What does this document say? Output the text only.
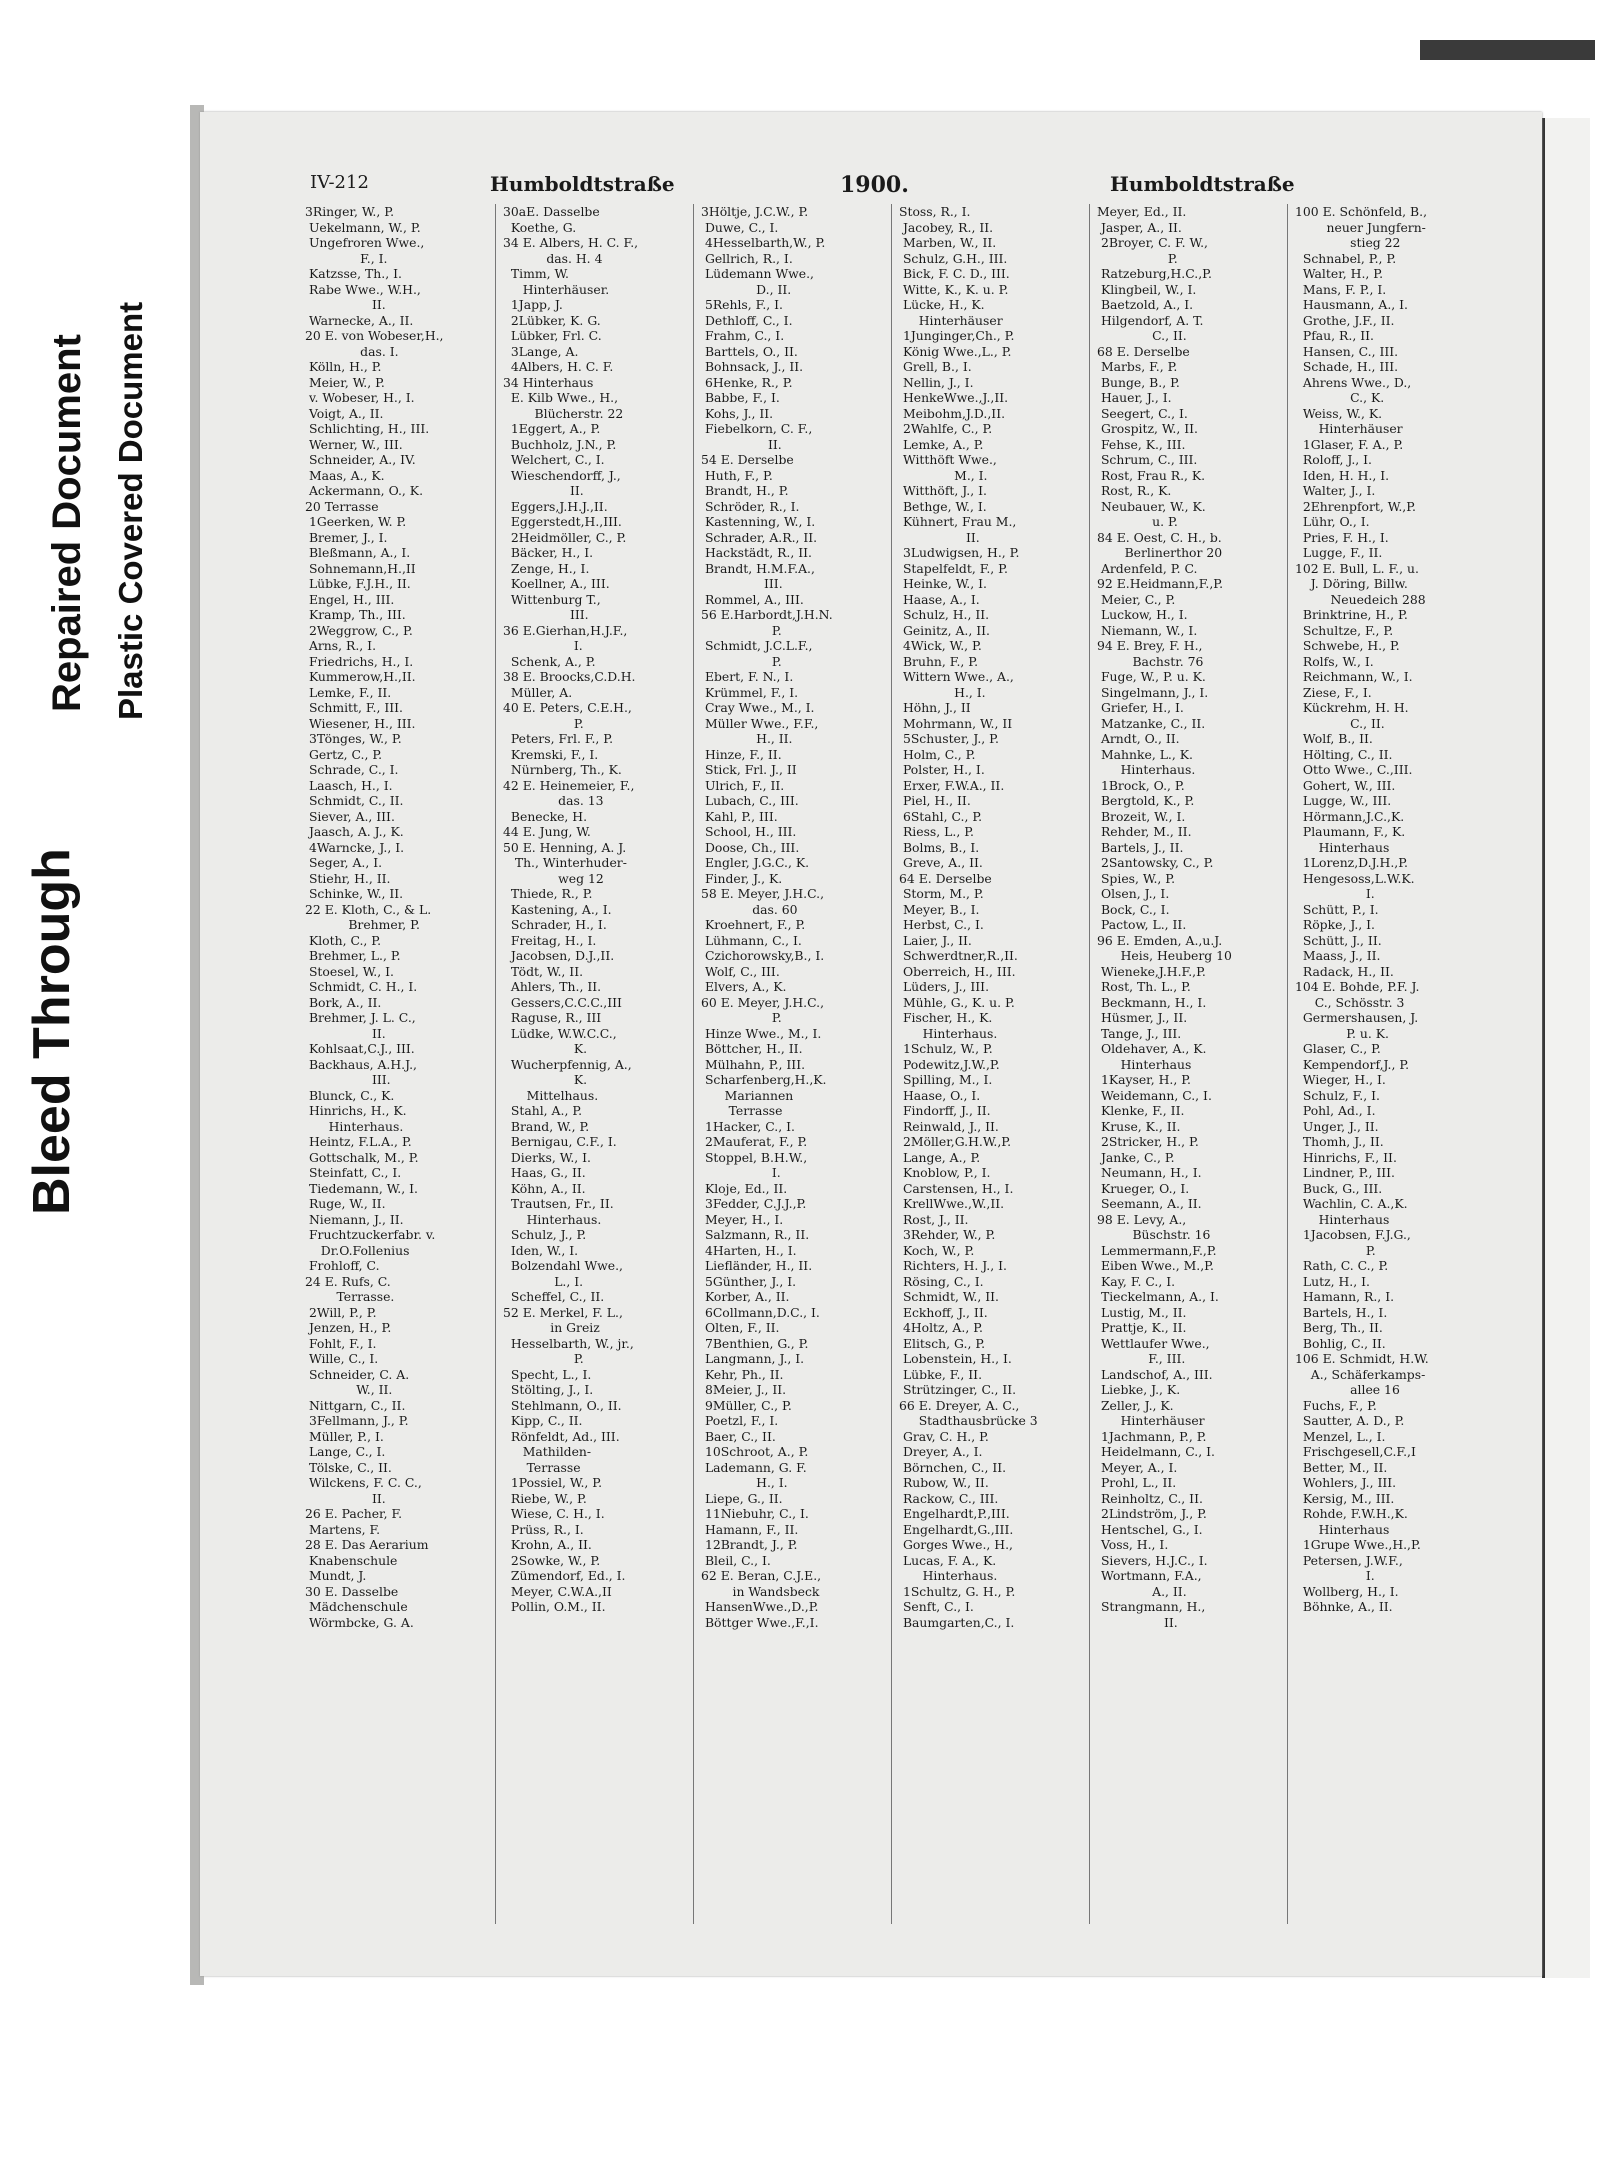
Bleed Through
Repaired Document Plastic Covered Document
IV-212	Humboldtstraße	1900.	Humboldtstraße
3Ringer, W., P.
Uekelmann, W., P.
Ungefroren Wwe.,
F., I.
Katzsse, Th., I.
Rabe Wwe., W.H.,
II.
Warnecke, A., II.
20 E. von Wobeser,H.,
das. I.
Kölln, H., P.
Meier, W., P.
v. Wobeser, H., I.
Voigt, A., II.
Schlichting, H., III.
Werner, W., III.
Schneider, A., IV.
Maas, A., K.
Ackermann, O., K.
20 Terrasse
1Geerken, W. P.
Bremer, J., I.
Bleßmann, A., I.
Sohnemann,H.,II
Lübke, F.J.H., II.
Engel, H., III.
Kramp, Th., III.
2Weggrow, C., P.
Arns, R., I.
Friedrichs, H., I.
Kummerow,H.,II.
Lemke, F., II.
Schmitt, F., III.
Wiesener, H., III.
3Tönges, W., P.
Gertz, C., P.
Schrade, C., I.
Laasch, H., I.
Schmidt, C., II.
Siever, A., III.
Jaasch, A. J., K.
4Warncke, J., I.
Seger, A., I.
Stiehr, H., II.
Schinke, W., II.
22 E. Kloth, C., & L.
Brehmer, P.
Kloth, C., P.
Brehmer, L., P.
Stoesel, W., I.
Schmidt, C. H., I.
Bork, A., II.
Brehmer, J. L. C.,
II.
Kohlsaat,C.J., III.
Backhaus, A.H.J.,
III.
Blunck, C., K.
Hinrichs, H., K.
Hinterhaus.
Heintz, F.L.A., P.
Gottschalk, M., P.
Steinfatt, C., I.
Tiedemann, W., I.
Ruge, W., II.
Niemann, J., II.
Fruchtzuckerfabr. v.
Dr.O.Follenius
Frohloff, C.
24 E. Rufs, C.
Terrasse.
2Will, P., P.
Jenzen, H., P.
Fohlt, F., I.
Wille, C., I.
Schneider, C. A.
W., II.
Nittgarn, C., II.
3Fellmann, J., P.
Müller, P., I.
Lange, C., I.
Tölske, C., II.
Wilckens, F. C. C.,
II.
26 E. Pacher, F.
Martens, F.
28 E. Das Aerarium
Knabenschule
Mundt, J.
30 E. Dasselbe
Mädchenschule
Wörmbcke, G. A.
30aE. Dasselbe
Koethe, G.
34 E. Albers, H. C. F.,
das. H. 4
Timm, W.
Hinterhäuser.
1Japp, J.
2Lübker, K. G.
Lübker, Frl. C.
3Lange, A.
4Albers, H. C. F.
34 Hinterhaus
E. Kilb Wwe., H.,
Blücherstr. 22
1Eggert, A., P.
Buchholz, J.N., P.
Welchert, C., I.
Wieschendorff, J.,
II.
Eggers,J.H.J.,II.
Eggerstedt,H.,III.
2Heidmöller, C., P.
Bäcker, H., I.
Zenge, H., I.
Koellner, A., III.
Wittenburg T.,
III.
36 E.Gierhan,H.J.F.,
I.
Schenk, A., P.
38 E. Broocks,C.D.H.
Müller, A.
40 E. Peters, C.E.H.,
P.
Peters, Frl. F., P.
Kremski, F., I.
Nürnberg, Th., K.
42 E. Heinemeier, F.,
das. 13
Benecke, H.
44 E. Jung, W.
50 E. Henning, A. J.
Th., Winterhuder-
weg 12
Thiede, R., P.
Kastening, A., I.
Schrader, H., I.
Freitag, H., I.
Jacobsen, D.J.,II.
Tödt, W., II.
Ahlers, Th., II.
Gessers,C.C.C.,III
Raguse, R., III
Lüdke, W.W.C.C.,
K.
Wucherpfennig, A.,
K.
Mittelhaus.
Stahl, A., P.
Brand, W., P.
Bernigau, C.F., I.
Dierks, W., I.
Haas, G., II.
Köhn, A., II.
Trautsen, Fr., II.
Hinterhaus.
Schulz, J., P.
Iden, W., I.
Bolzendahl Wwe.,
L., I.
Scheffel, C., II.
52 E. Merkel, F. L.,
in Greiz
Hesselbarth, W., jr.,
P.
Specht, L., I.
Stölting, J., I.
Stehlmann, O., II.
Kipp, C., II.
Rönfeldt, Ad., III.
Mathilden-
Terrasse
1Possiel, W., P.
Riebe, W., P.
Wiese, C. H., I.
Prüss, R., I.
Krohn, A., II.
2Sowke, W., P.
Zümendorf, Ed., I.
Meyer, C.W.A.,II
Pollin, O.M., II.
3Höltje, J.C.W., P.
Duwe, C., I.
4Hesselbarth,W., P.
Gellrich, R., I.
Lüdemann Wwe.,
D., II.
5Rehls, F., I.
Dethloff, C., I.
Frahm, C., I.
Barttels, O., II.
Bohnsack, J., II.
6Henke, R., P.
Babbe, F., I.
Kohs, J., II.
Fiebelkorn, C. F.,
II.
54 E. Derselbe
Huth, F., P.
Brandt, H., P.
Schröder, R., I.
Kastenning, W., I.
Schrader, A.R., II.
Hackstädt, R., II.
Brandt, H.M.F.A.,
III.
Rommel, A., III.
56 E.Harbordt,J.H.N.
P.
Schmidt, J.C.L.F.,
P.
Ebert, F. N., I.
Krümmel, F., I.
Cray Wwe., M., I.
Müller Wwe., F.F.,
H., II.
Hinze, F., II.
Stick, Frl. J., II
Ulrich, F., II.
Lubach, C., III.
Kahl, P., III.
School, H., III.
Doose, Ch., III.
Engler, J.G.C., K.
Finder, J., K.
58 E. Meyer, J.H.C.,
das. 60
Kroehnert, F., P.
Lühmann, C., I.
Czichorowsky,B., I.
Wolf, C., III.
Elvers, A., K.
60 E. Meyer, J.H.C.,
P.
Hinze Wwe., M., I.
Böttcher, H., II.
Mülhahn, P., III.
Scharfenberg,H.,K.
Mariannen
Terrasse
1Hacker, C., I.
2Mauferat, F., P.
Stoppel, B.H.W.,
I.
Kloje, Ed., II.
3Fedder, C.J.J.,P.
Meyer, H., I.
Salzmann, R., II.
4Harten, H., I.
Liefländer, H., II.
5Günther, J., I.
Korber, A., II.
6Collmann,D.C., I.
Olten, F., II.
7Benthien, G., P.
Langmann, J., I.
Kehr, Ph., II.
8Meier, J., II.
9Müller, C., P.
Poetzl, F., I.
Baer, C., II.
10Schroot, A., P.
Lademann, G. F.
H., I.
Liepe, G., II.
11Niebuhr, C., I.
Hamann, F., II.
12Brandt, J., P.
Bleil, C., I.
62 E. Beran, C.J.E.,
in Wandsbeck
HansenWwe.,D.,P.
Böttger Wwe.,F.,I.
Stoss, R., I.
Jacobey, R., II.
Marben, W., II.
Schulz, G.H., III.
Bick, F. C. D., III.
Witte, K., K. u. P.
Lücke, H., K.
Hinterhäuser
1Junginger,Ch., P.
König Wwe.,L., P.
Grell, B., I.
Nellin, J., I.
HenkeWwe.,J.,II.
Meibohm,J.D.,II.
2Wahlfe, C., P.
Lemke, A., P.
Witthöft Wwe.,
M., I.
Witthöft, J., I.
Bethge, W., I.
Kühnert, Frau M.,
II.
3Ludwigsen, H., P.
Stapelfeldt, F., P.
Heinke, W., I.
Haase, A., I.
Schulz, H., II.
Geinitz, A., II.
4Wick, W., P.
Bruhn, F., P.
Wittern Wwe., A.,
H., I.
Höhn, J., II
Mohrmann, W., II
5Schuster, J., P.
Holm, C., P.
Polster, H., I.
Erxer, F.W.A., II.
Piel, H., II.
6Stahl, C., P.
Riess, L., P.
Bolms, B., I.
Greve, A., II.
64 E. Derselbe
Storm, M., P.
Meyer, B., I.
Herbst, C., I.
Laier, J., II.
Schwerdtner,R.,II.
Oberreich, H., III.
Lüders, J., III.
Mühle, G., K. u. P.
Fischer, H., K.
Hinterhaus.
1Schulz, W., P.
Podewitz,J.W.,P.
Spilling, M., I.
Haase, O., I.
Findorff, J., II.
Reinwald, J., II.
2Möller,G.H.W.,P.
Lange, A., P.
Knoblow, P., I.
Carstensen, H., I.
KrellWwe.,W.,II.
Rost, J., II.
3Rehder, W., P.
Koch, W., P.
Richters, H. J., I.
Rösing, C., I.
Schmidt, W., II.
Eckhoff, J., II.
4Holtz, A., P.
Elitsch, G., P.
Lobenstein, H., I.
Lübke, F., II.
Strützinger, C., II.
66 E. Dreyer, A. C.,
Stadthausbrücke 3
Grav, C. H., P.
Dreyer, A., I.
Börnchen, C., II.
Rubow, W., II.
Rackow, C., III.
Engelhardt,P.,III.
Engelhardt,G.,III.
Gorges Wwe., H.,
Lucas, F. A., K.
Hinterhaus.
1Schultz, G. H., P.
Senft, C., I.
Baumgarten,C., I.
Meyer, Ed., II.
Jasper, A., II.
2Broyer, C. F. W.,
P.
Ratzeburg,H.C.,P.
Klingbeil, W., I.
Baetzold, A., I.
Hilgendorf, A. T.
C., II.
68 E. Derselbe
Marbs, F., P.
Bunge, B., P.
Hauer, J., I.
Seegert, C., I.
Grospitz, W., II.
Fehse, K., III.
Schrum, C., III.
Rost, Frau R., K.
Rost, R., K.
Neubauer, W., K.
u. P.
84 E. Oest, C. H., b.
Berlinerthor 20
Ardenfeld, P. C.
92 E.Heidmann,F.,P.
Meier, C., P.
Luckow, H., I.
Niemann, W., I.
94 E. Brey, F. H.,
Bachstr. 76
Fuge, W., P. u. K.
Singelmann, J., I.
Griefer, H., I.
Matzanke, C., II.
Arndt, O., II.
Mahnke, L., K.
Hinterhaus.
1Brock, O., P.
Bergtold, K., P.
Brozeit, W., I.
Rehder, M., II.
Bartels, J., II.
2Santowsky, C., P.
Spies, W., P.
Olsen, J., I.
Bock, C., I.
Pactow, L., II.
96 E. Emden, A.,u.J.
Heis, Heuberg 10
Wieneke,J.H.F.,P.
Rost, Th. L., P.
Beckmann, H., I.
Hüsmer, J., II.
Tange, J., III.
Oldehaver, A., K.
Hinterhaus
1Kayser, H., P.
Weidemann, C., I.
Klenke, F., II.
Kruse, K., II.
2Stricker, H., P.
Janke, C., P.
Neumann, H., I.
Krueger, O., I.
Seemann, A., II.
98 E. Levy, A.,
Büschstr. 16
Lemmermann,F.,P.
Eiben Wwe., M.,P.
Kay, F. C., I.
Tieckelmann, A., I.
Lustig, M., II.
Prattje, K., II.
Wettlaufer Wwe.,
F., III.
Landschof, A., III.
Liebke, J., K.
Zeller, J., K.
Hinterhäuser
1Jachmann, P., P.
Heidelmann, C., I.
Meyer, A., I.
Prohl, L., II.
Reinholtz, C., II.
2Lindström, J., P.
Hentschel, G., I.
Voss, H., I.
Sievers, H.J.C., I.
Wortmann, F.A.,
A., II.
Strangmann, H.,
II.
100 E. Schönfeld, B.,
neuer Jungfern-
stieg 22
Schnabel, P., P.
Walter, H., P.
Mans, F. P., I.
Hausmann, A., I.
Grothe, J.F., II.
Pfau, R., II.
Hansen, C., III.
Schade, H., III.
Ahrens Wwe., D.,
C., K.
Weiss, W., K.
Hinterhäuser
1Glaser, F. A., P.
Roloff, J., I.
Iden, H. H., I.
Walter, J., I.
2Ehrenpfort, W.,P.
Lühr, O., I.
Pries, F. H., I.
Lugge, F., II.
102 E. Bull, L. F., u.
J. Döring, Billw.
Neuedeich 288
Brinktrine, H., P.
Schultze, F., P.
Schwebe, H., P.
Rolfs, W., I.
Reichmann, W., I.
Ziese, F., I.
Kückrehm, H. H.
C., II.
Wolf, B., II.
Hölting, C., II.
Otto Wwe., C.,III.
Gohert, W., III.
Lugge, W., III.
Hörmann,J.C.,K.
Plaumann, F., K.
Hinterhaus
1Lorenz,D.J.H.,P.
Hengesoss,L.W.K.
I.
Schütt, P., I.
Röpke, J., I.
Schütt, J., II.
Maass, J., II.
Radack, H., II.
104 E. Bohde, P.F. J.
C., Schösstr. 3
Germershausen, J.
P. u. K.
Glaser, C., P.
Kempendorf,J., P.
Wieger, H., I.
Schulz, F., I.
Pohl, Ad., I.
Unger, J., II.
Thomh, J., II.
Hinrichs, F., II.
Lindner, P., III.
Buck, G., III.
Wachlin, C. A.,K.
Hinterhaus
1Jacobsen, F.J.G.,
P.
Rath, C. C., P.
Lutz, H., I.
Hamann, R., I.
Bartels, H., I.
Berg, Th., II.
Bohlig, C., II.
106 E. Schmidt, H.W.
A., Schäferkamps-
allee 16
Fuchs, F., P.
Sautter, A. D., P.
Menzel, L., I.
Frischgesell,C.F.,I
Better, M., II.
Wohlers, J., III.
Kersig, M., III.
Rohde, F.W.H.,K.
Hinterhaus
1Grupe Wwe.,H.,P.
Petersen, J.W.F.,
I.
Wollberg, H., I.
Böhnke, A., II.
